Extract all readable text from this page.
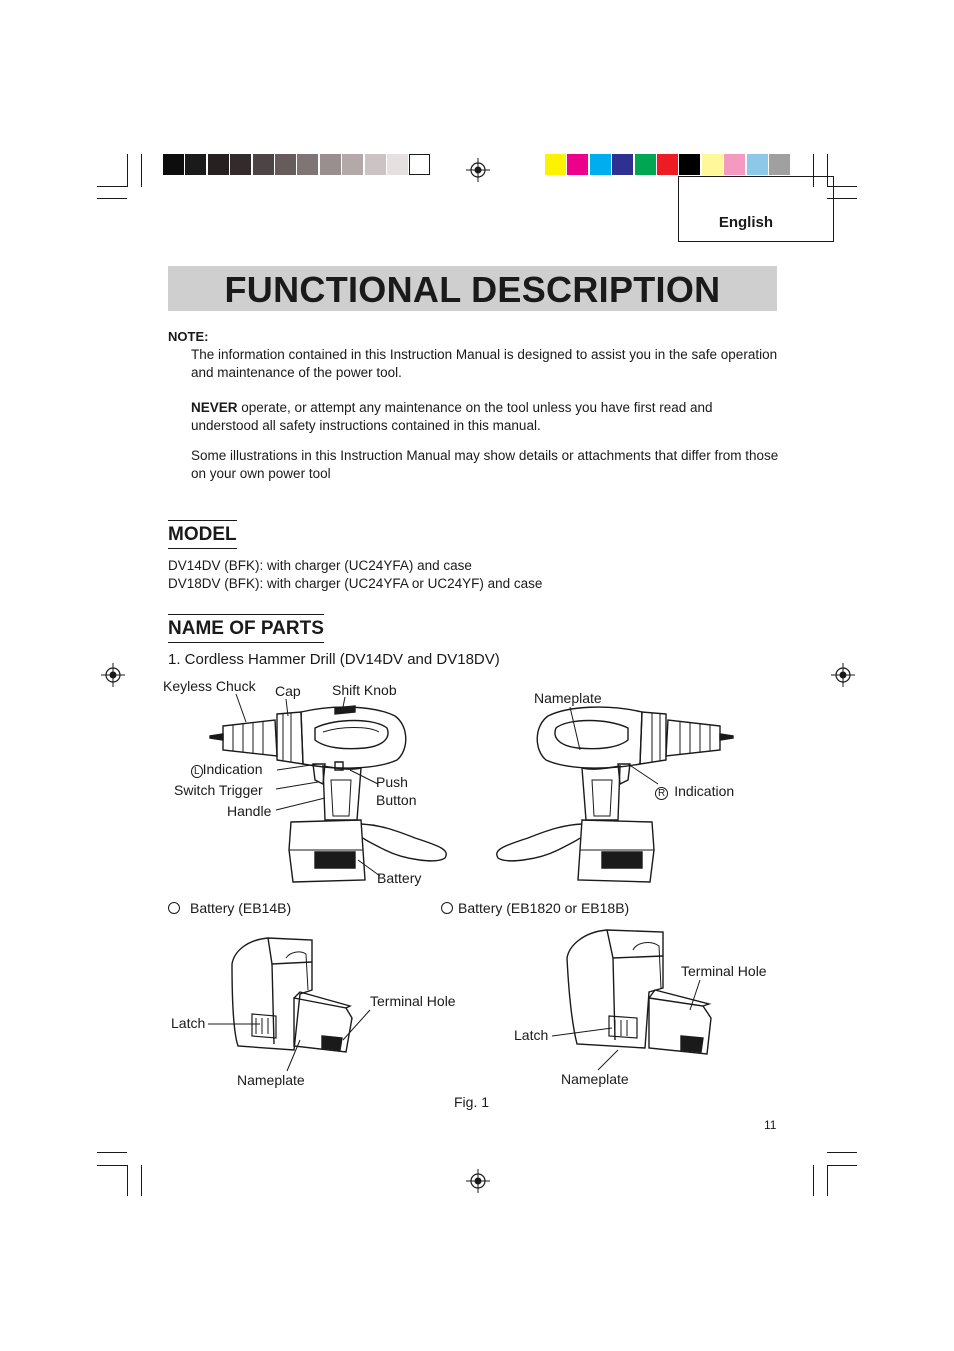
English
FUNCTIONAL DESCRIPTION
NOTE:
The information contained in this Instruction Manual is designed to assist you in the safe operation and maintenance of the power tool.
NEVER operate, or attempt any maintenance on the tool unless you have first read and understood all safety instructions contained in this manual.
Some illustrations in this Instruction Manual may show details or attachments that differ from those on your own power tool
MODEL
DV14DV (BFK): with charger (UC24YFA) and case
DV18DV (BFK): with charger (UC24YFA or UC24YF) and case
NAME OF PARTS
1. Cordless Hammer Drill (DV14DV and DV18DV)
Keyless Chuck Cap Shift Knob
L Indication
Switch Trigger
Handle
Push
Button
Battery
Nameplate
R Indication
Battery (EB14B)	Battery (EB1820 or EB18B)
Terminal Hole
Latch
Nameplate
Terminal Hole
Latch
Nameplate
Fig. 1
11
